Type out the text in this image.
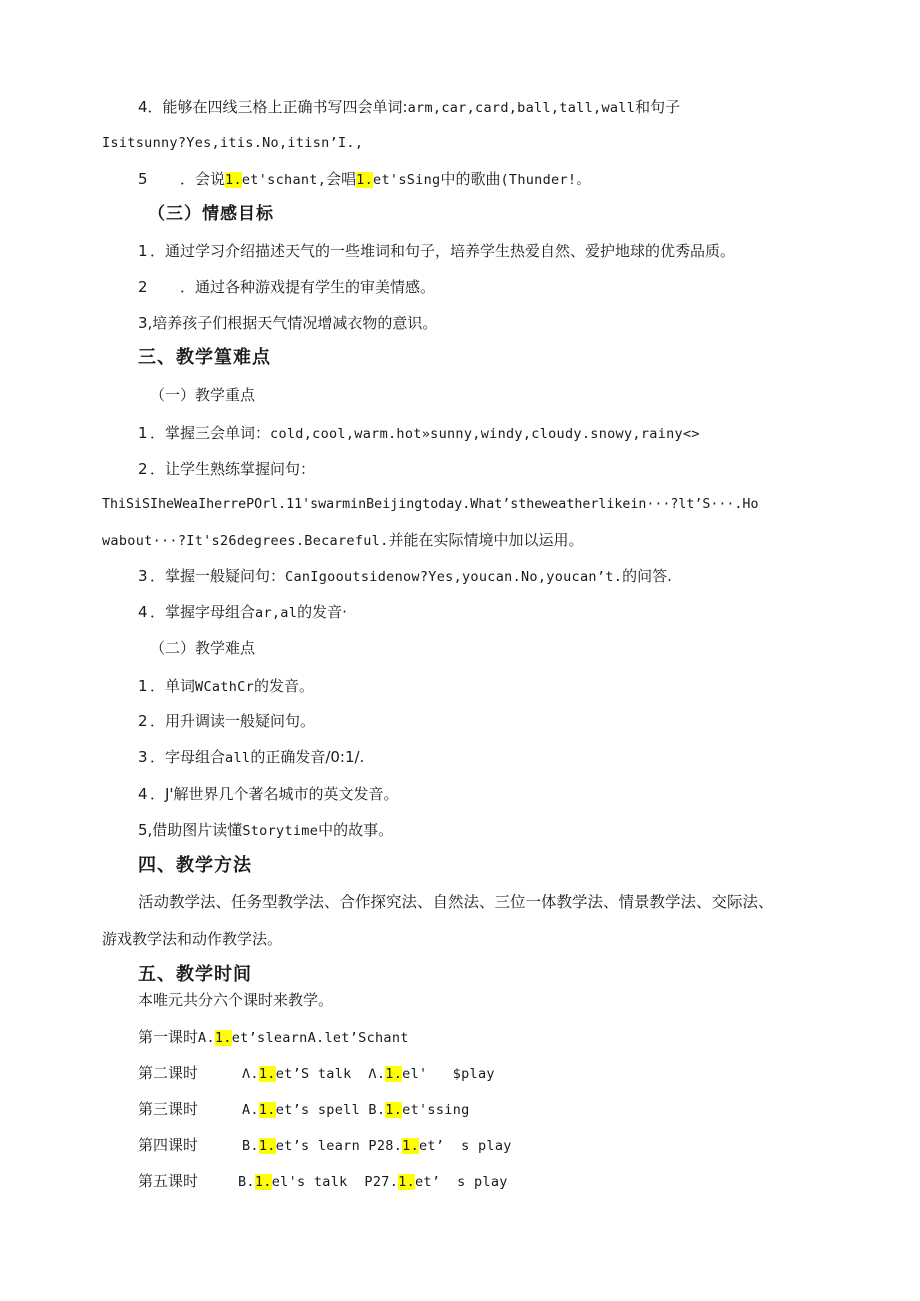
4．能够在四线三格上正确书写四会单词:arm,car,card,ball,tall,wall和句子
Isitsunny?Yes,itis.No,itisn’I.,
5 ．会说1.et'schant,会唱1.et'sSing中的歌曲(Thunder!。
（三）情感目标
1 ．通过学习介绍描述天气的一些堆词和句子，培养学生热爱自然、爱护地球的优秀品质。
2 ．通过各种游戏提有学生的审美情感。
3,培养孩子们根据天气情况增减衣物的意识。
三、教学篁难点
（一）教学重点
1 ．掌握三会单词：cold,cool,warm.hot»sunny,windy,cloudy.snowy,rainy<>
2 ．让学生熟练掌握问句：
ThiSiSIheWeaIherrePOrl.11'swarminBeijingtoday.What’stheweatherlikein···?lt’S···.Ho
wabout···?It's26degrees.Becareful.并能在实际情境中加以运用。
3 ．掌握一般疑问句：CanIgooutsidenow?Yes,youcan.No,youcan’t.的问答.
4 ．掌握字母组合ar,al的发音·
（二）教学难点
1 ．单词WCathCr的发音。
2 ．用升调读一般疑问句。
3 ．字母组合all的正确发音/0:1/.
4 ．J'解世界几个著名城市的英文发音。
5,借助图片读懂Storytime中的故事。
四、教学方法
活动教学法、任务型教学法、合作探究法、自然法、三位一体教学法、情景教学法、交际法、
游戏教学法和动作教学法。
五、教学时间
本唯元共分六个课时来教学。
第一课时A.1.et’slearnA.let’Schant
第二课时	Λ.1.et’S talk  Λ.1.el'   $play
第三课时	A.1.et’s spell B.1.et'ssing
第四课时	B.1.et’s learn P28.1.et’  s play
第五课时	B.1.el's talk  P27.1.et’  s play
